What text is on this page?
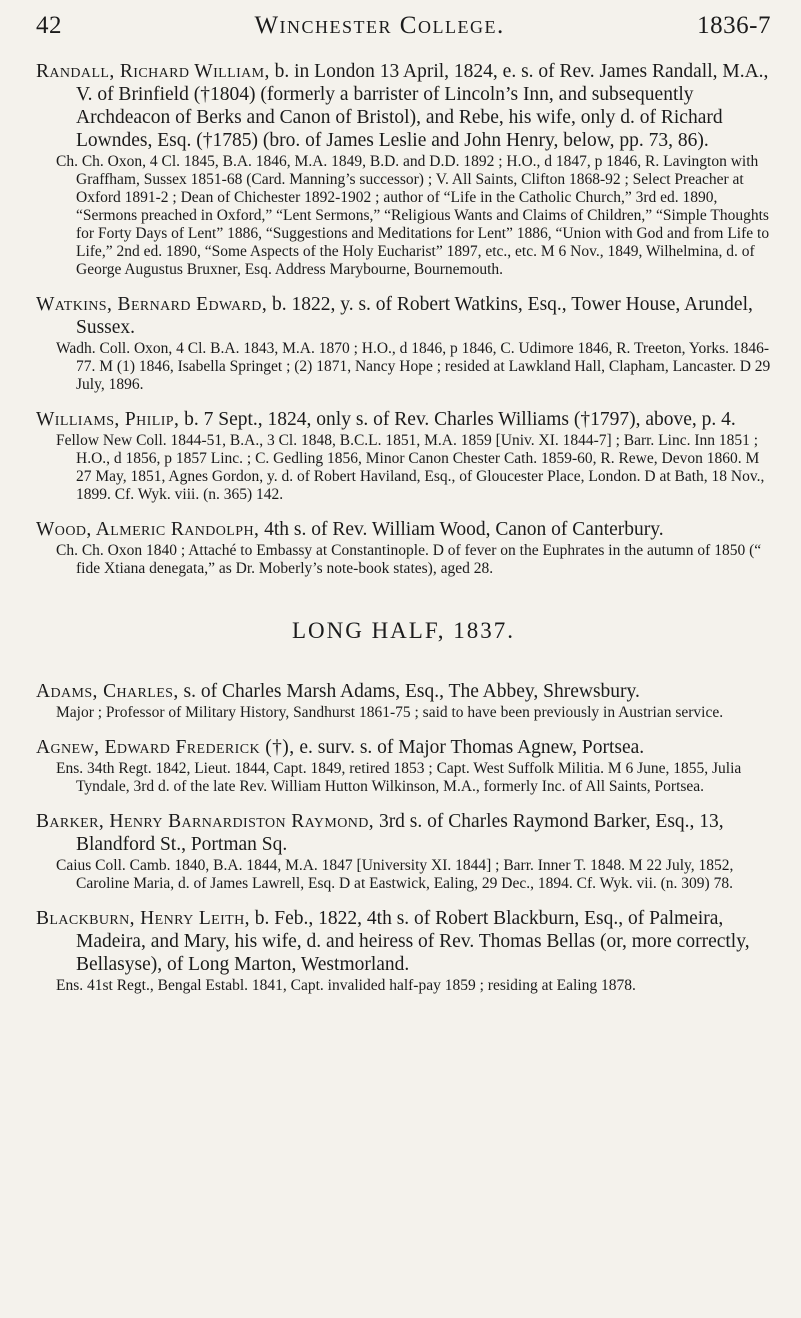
42	Winchester College.	1836-7
Randall, Richard William, b. in London 13 April, 1824, e. s. of Rev. James Randall, M.A., V. of Brinfield (†1804) (formerly a barrister of Lincoln’s Inn, and subsequently Archdeacon of Berks and Canon of Bristol), and Rebe, his wife, only d. of Richard Lowndes, Esq. (†1785) (bro. of James Leslie and John Henry, below, pp. 73, 86).
Ch. Ch. Oxon, 4 Cl. 1845, B.A. 1846, M.A. 1849, B.D. and D.D. 1892 ; H.O., d 1847, p 1846, R. Lavington with Graffham, Sussex 1851-68 (Card. Manning’s successor) ; V. All Saints, Clifton 1868-92 ; Select Preacher at Oxford 1891-2 ; Dean of Chichester 1892-1902 ; author of “Life in the Catholic Church,” 3rd ed. 1890, “Sermons preached in Oxford,” “Lent Sermons,” “Religious Wants and Claims of Children,” “Simple Thoughts for Forty Days of Lent” 1886, “Suggestions and Meditations for Lent” 1886, “Union with God and from Life to Life,” 2nd ed. 1890, “Some Aspects of the Holy Eucharist” 1897, etc., etc. M 6 Nov., 1849, Wilhelmina, d. of George Augustus Bruxner, Esq. Address Marybourne, Bournemouth.
Watkins, Bernard Edward, b. 1822, y. s. of Robert Watkins, Esq., Tower House, Arundel, Sussex.
Wadh. Coll. Oxon, 4 Cl. B.A. 1843, M.A. 1870 ; H.O., d 1846, p 1846, C. Udimore 1846, R. Treeton, Yorks. 1846-77. M (1) 1846, Isabella Springet ; (2) 1871, Nancy Hope ; resided at Lawkland Hall, Clapham, Lancaster. D 29 July, 1896.
Williams, Philip, b. 7 Sept., 1824, only s. of Rev. Charles Williams (†1797), above, p. 4.
Fellow New Coll. 1844-51, B.A., 3 Cl. 1848, B.C.L. 1851, M.A. 1859 [Univ. XI. 1844-7] ; Barr. Linc. Inn 1851 ; H.O., d 1856, p 1857 Linc. ; C. Gedling 1856, Minor Canon Chester Cath. 1859-60, R. Rewe, Devon 1860. M 27 May, 1851, Agnes Gordon, y. d. of Robert Haviland, Esq., of Gloucester Place, London. D at Bath, 18 Nov., 1899. Cf. Wyk. viii. (n. 365) 142.
Wood, Almeric Randolph, 4th s. of Rev. William Wood, Canon of Canterbury.
Ch. Ch. Oxon 1840 ; Attaché to Embassy at Constantinople. D of fever on the Euphrates in the autumn of 1850 (“ fide Xtiana denegata,” as Dr. Moberly’s note-book states), aged 28.
LONG HALF, 1837.
Adams, Charles, s. of Charles Marsh Adams, Esq., The Abbey, Shrewsbury.
Major ; Professor of Military History, Sandhurst 1861-75 ; said to have been previously in Austrian service.
Agnew, Edward Frederick (†), e. surv. s. of Major Thomas Agnew, Portsea.
Ens. 34th Regt. 1842, Lieut. 1844, Capt. 1849, retired 1853 ; Capt. West Suffolk Militia. M 6 June, 1855, Julia Tyndale, 3rd d. of the late Rev. William Hutton Wilkinson, M.A., formerly Inc. of All Saints, Portsea.
Barker, Henry Barnardiston Raymond, 3rd s. of Charles Raymond Barker, Esq., 13, Blandford St., Portman Sq.
Caius Coll. Camb. 1840, B.A. 1844, M.A. 1847 [University XI. 1844] ; Barr. Inner T. 1848. M 22 July, 1852, Caroline Maria, d. of James Lawrell, Esq. D at Eastwick, Ealing, 29 Dec., 1894. Cf. Wyk. vii. (n. 309) 78.
Blackburn, Henry Leith, b. Feb., 1822, 4th s. of Robert Blackburn, Esq., of Palmeira, Madeira, and Mary, his wife, d. and heiress of Rev. Thomas Bellas (or, more correctly, Bellasyse), of Long Marton, Westmorland.
Ens. 41st Regt., Bengal Establ. 1841, Capt. invalided half-pay 1859 ; residing at Ealing 1878.
